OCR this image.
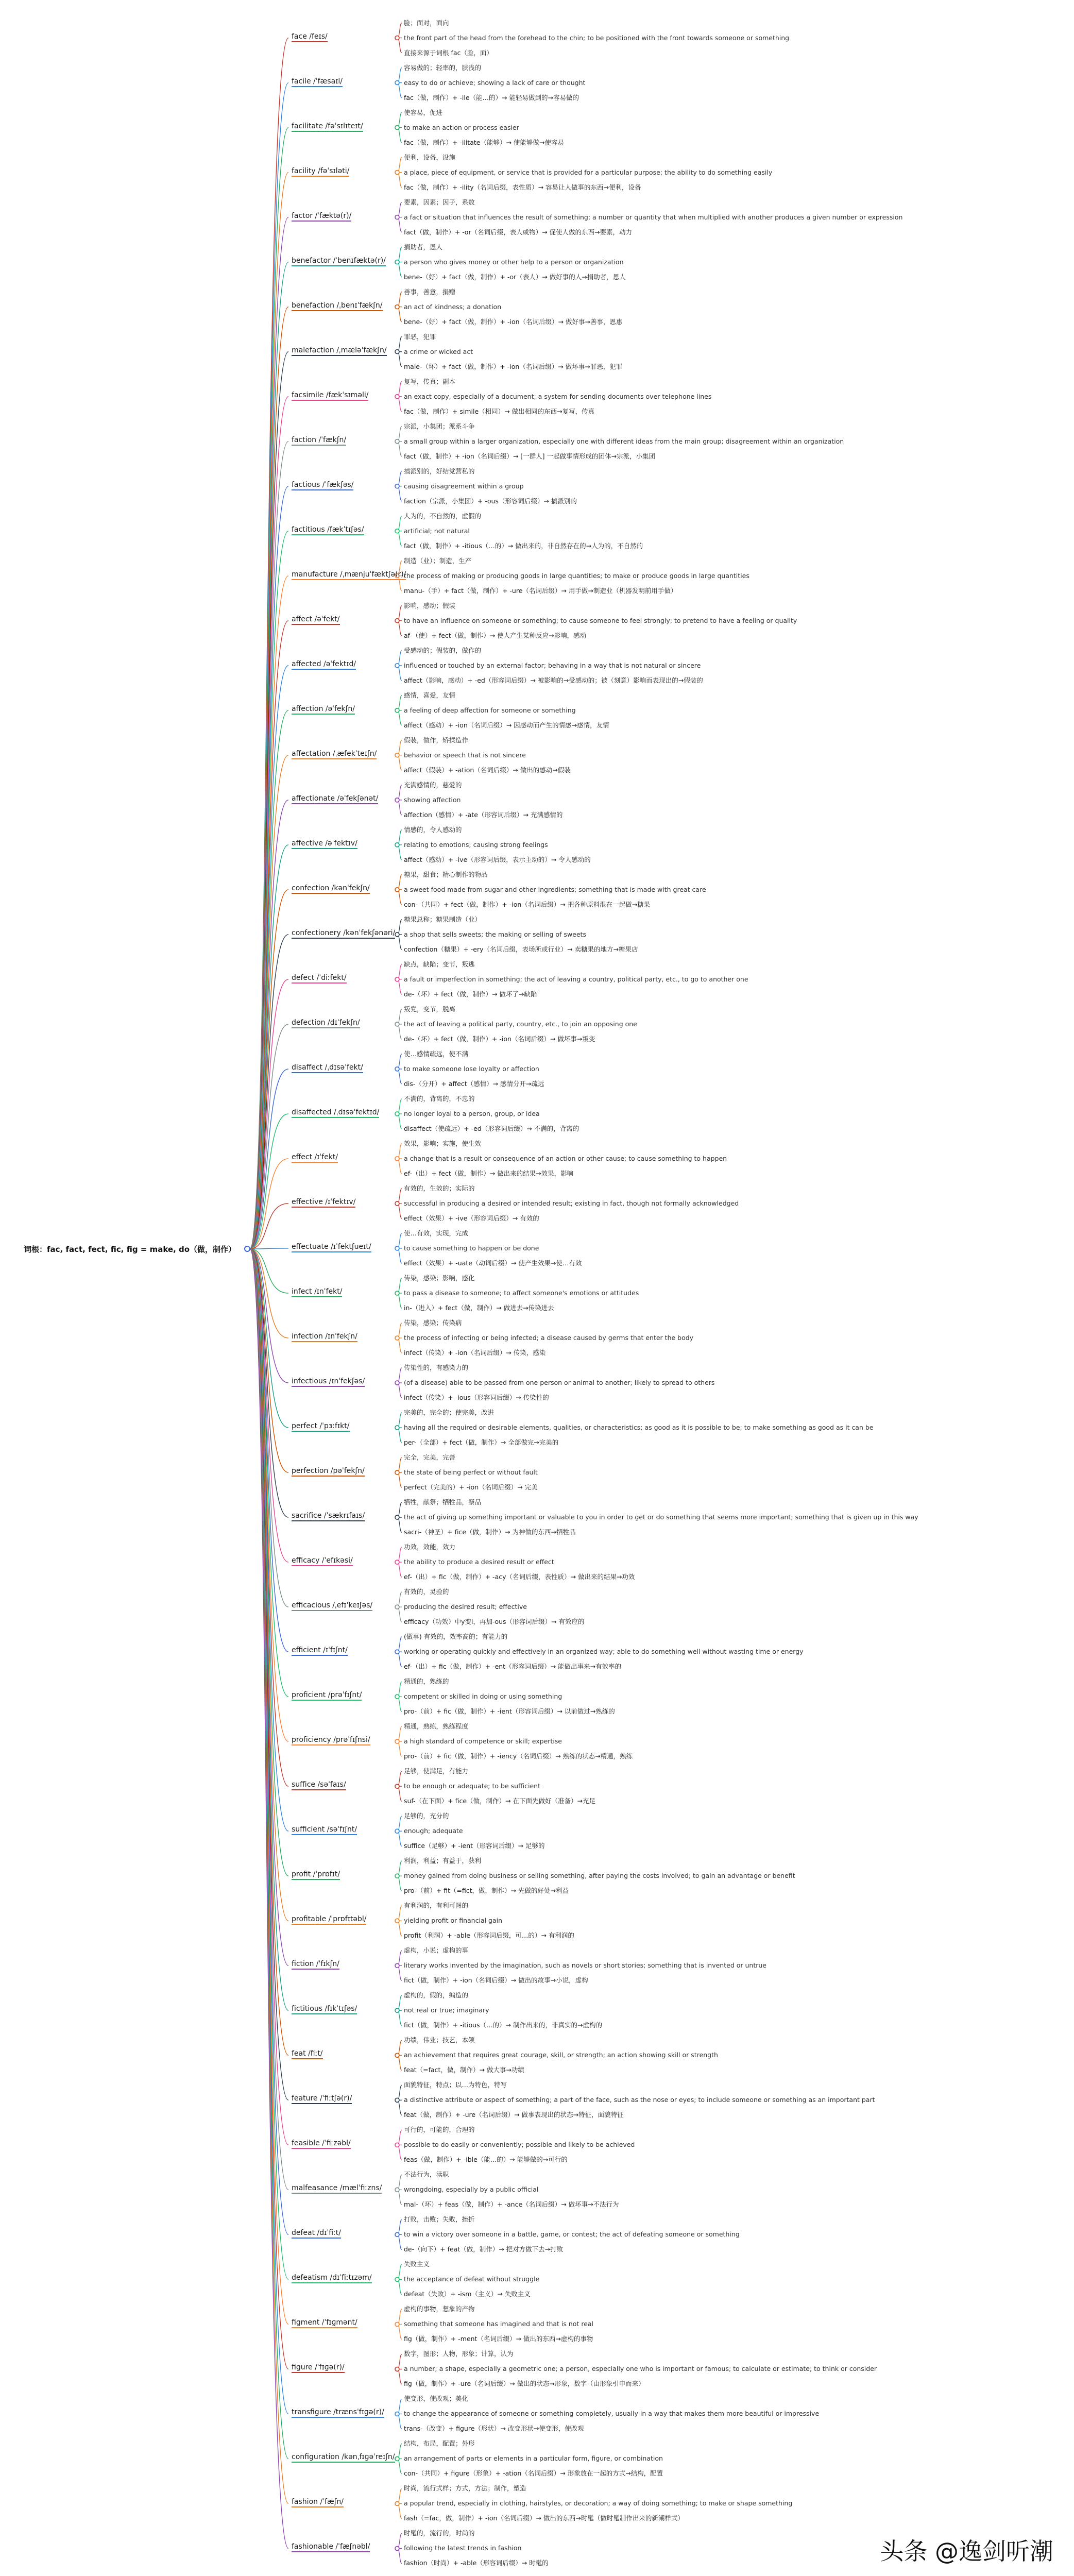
词根：fac, fact, fect, fic, fig = make, do（做，制作）
face /feɪs/
脸；面对，面向
the front part of the head from the forehead to the chin; to be positioned with the front towards someone or something
直接来源于词根 fac（脸，面）
facile /ˈfæsaɪl/
容易做的；轻率的，肤浅的
easy to do or achieve; showing a lack of care or thought
fac（做，制作）+ -ile（能…的）→ 能轻易做到的→容易做的
facilitate /fəˈsɪlɪteɪt/
使容易，促进
to make an action or process easier
fac（做，制作）+ -ilitate（能够）→ 使能够做→使容易
facility /fəˈsɪləti/
便利，设备，设施
a place, piece of equipment, or service that is provided for a particular purpose; the ability to do something easily
fac（做，制作）+ -ility（名词后缀，表性质）→ 容易让人做事的东西→便利，设备
factor /ˈfæktə(r)/
要素，因素；因子，系数
a fact or situation that influences the result of something; a number or quantity that when multiplied with another produces a given number or expression
fact（做，制作）+ -or（名词后缀，表人或物）→ 促使人做的东西→要素，动力
benefactor /ˈbenɪfæktə(r)/
捐助者，恩人
a person who gives money or other help to a person or organization
bene-（好）+ fact（做，制作）+ -or（表人）→ 做好事的人→捐助者，恩人
benefaction /ˌbenɪˈfækʃn/
善事，善意，捐赠
an act of kindness; a donation
bene-（好）+ fact（做，制作）+ -ion（名词后缀）→ 做好事→善事，恩惠
malefaction /ˌmæləˈfækʃn/
罪恶，犯罪
a crime or wicked act
male-（坏）+ fact（做，制作）+ -ion（名词后缀）→ 做坏事→罪恶，犯罪
facsimile /fækˈsɪməli/
复写，传真；副本
an exact copy, especially of a document; a system for sending documents over telephone lines
fac（做，制作）+ simile（相同）→ 做出相同的东西→复写，传真
faction /ˈfækʃn/
宗派，小集团；派系斗争
a small group within a larger organization, especially one with different ideas from the main group; disagreement within an organization
fact（做，制作）+ -ion（名词后缀）→ [一群人] 一起做事情形成的团体→宗派，小集团
factious /ˈfækʃəs/
搞派别的，好结党营私的
causing disagreement within a group
faction（宗派，小集团）+ -ous（形容词后缀）→ 搞派别的
factitious /fækˈtɪʃəs/
人为的，不自然的，虚假的
artificial; not natural
fact（做，制作）+ -itious（…的）→ 做出来的，非自然存在的→人为的，不自然的
manufacture /ˌmænjuˈfæktʃə(r)/
制造（业）；制造，生产
the process of making or producing goods in large quantities; to make or produce goods in large quantities
manu-（手）+ fact（做，制作）+ -ure（名词后缀）→ 用手做→制造业（机器发明前用手做）
affect /əˈfekt/
影响，感动；假装
to have an influence on someone or something; to cause someone to feel strongly; to pretend to have a feeling or quality
af-（使）+ fect（做，制作）→ 使人产生某种反应→影响，感动
affected /əˈfektɪd/
受感动的；假装的，做作的
influenced or touched by an external factor; behaving in a way that is not natural or sincere
affect（影响，感动）+ -ed（形容词后缀）→ 被影响的→受感动的；被（刻意）影响而表现出的→假装的
affection /əˈfekʃn/
感情，喜爱，友情
a feeling of deep affection for someone or something
affect（感动）+ -ion（名词后缀）→ 因感动而产生的情感→感情，友情
affectation /ˌæfekˈteɪʃn/
假装，做作，矫揉造作
behavior or speech that is not sincere
affect（假装）+ -ation（名词后缀）→ 做出的感动→假装
affectionate /əˈfekʃənət/
充满感情的，慈爱的
showing affection
affection（感情）+ -ate（形容词后缀）→ 充满感情的
affective /əˈfektɪv/
情感的，令人感动的
relating to emotions; causing strong feelings
affect（感动）+ -ive（形容词后缀，表示主动的）→ 令人感动的
confection /kənˈfekʃn/
糖果，甜食；精心制作的物品
a sweet food made from sugar and other ingredients; something that is made with great care
con-（共同）+ fect（做，制作）+ -ion（名词后缀）→ 把各种原料混在一起做→糖果
confectionery /kənˈfekʃənəri/
糖果总称；糖果制造（业）
a shop that sells sweets; the making or selling of sweets
confection（糖果）+ -ery（名词后缀，表场所或行业）→ 卖糖果的地方→糖果店
defect /ˈdiːfekt/
缺点，缺陷；变节，叛逃
a fault or imperfection in something; the act of leaving a country, political party, etc., to go to another one
de-（坏）+ fect（做，制作）→ 做坏了→缺陷
defection /dɪˈfekʃn/
叛党，变节，脱离
the act of leaving a political party, country, etc., to join an opposing one
de-（坏）+ fect（做，制作）+ -ion（名词后缀）→ 做坏事→叛变
disaffect /ˌdɪsəˈfekt/
使…感情疏远，使不满
to make someone lose loyalty or affection
dis-（分开）+ affect（感情）→ 感情分开→疏远
disaffected /ˌdɪsəˈfektɪd/
不满的，背离的，不忠的
no longer loyal to a person, group, or idea
disaffect（使疏远）+ -ed（形容词后缀）→ 不满的，背离的
effect /ɪˈfekt/
效果，影响；实施，使生效
a change that is a result or consequence of an action or other cause; to cause something to happen
ef-（出）+ fect（做，制作）→ 做出来的结果→效果，影响
effective /ɪˈfektɪv/
有效的，生效的；实际的
successful in producing a desired or intended result; existing in fact, though not formally acknowledged
effect（效果）+ -ive（形容词后缀）→ 有效的
effectuate /ɪˈfektʃueɪt/
使…有效，实现，完成
to cause something to happen or be done
effect（效果）+ -uate（动词后缀）→ 使产生效果→使…有效
infect /ɪnˈfekt/
传染，感染；影响，感化
to pass a disease to someone; to affect someone's emotions or attitudes
in-（进入）+ fect（做，制作）→ 做进去→传染进去
infection /ɪnˈfekʃn/
传染，感染；传染病
the process of infecting or being infected; a disease caused by germs that enter the body
infect（传染）+ -ion（名词后缀）→ 传染，感染
infectious /ɪnˈfekʃəs/
传染性的，有感染力的
(of a disease) able to be passed from one person or animal to another; likely to spread to others
infect（传染）+ -ious（形容词后缀）→ 传染性的
perfect /ˈpɜːfɪkt/
完美的，完全的；使完美，改进
having all the required or desirable elements, qualities, or characteristics; as good as it is possible to be; to make something as good as it can be
per-（全部）+ fect（做，制作）→ 全部做完→完美的
perfection /pəˈfekʃn/
完全，完美，完善
the state of being perfect or without fault
perfect（完美的）+ -ion（名词后缀）→ 完美
sacrifice /ˈsækrɪfaɪs/
牺牲，献祭；牺牲品，祭品
the act of giving up something important or valuable to you in order to get or do something that seems more important; something that is given up in this way
sacri-（神圣）+ fice（做，制作）→ 为神做的东西→牺牲品
efficacy /ˈefɪkəsi/
功效，效能，效力
the ability to produce a desired result or effect
ef-（出）+ fic（做，制作）+ -acy（名词后缀，表性质）→ 做出来的结果→功效
efficacious /ˌefɪˈkeɪʃəs/
有效的，灵验的
producing the desired result; effective
efficacy（功效）中y变i，再加-ous（形容词后缀）→ 有效应的
efficient /ɪˈfɪʃnt/
(做事) 有效的，效率高的；有能力的
working or operating quickly and effectively in an organized way; able to do something well without wasting time or energy
ef-（出）+ fic（做，制作）+ -ent（形容词后缀）→ 能做出事来→有效率的
proficient /prəˈfɪʃnt/
精通的，熟练的
competent or skilled in doing or using something
pro-（前）+ fic（做，制作）+ -ient（形容词后缀）→ 以前做过→熟练的
proficiency /prəˈfɪʃnsi/
精通，熟练，熟练程度
a high standard of competence or skill; expertise
pro-（前）+ fic（做，制作）+ -iency（名词后缀）→ 熟练的状态→精通，熟练
suffice /səˈfaɪs/
足够，使满足，有能力
to be enough or adequate; to be sufficient
suf-（在下面）+ fice（做，制作）→ 在下面先做好（准备）→充足
sufficient /səˈfɪʃnt/
足够的，充分的
enough; adequate
suffice（足够）+ -ient（形容词后缀）→ 足够的
profit /ˈprɒfɪt/
利润，利益；有益于，获利
money gained from doing business or selling something, after paying the costs involved; to gain an advantage or benefit
pro-（前）+ fit（=fict，做，制作）→ 先做的好处→利益
profitable /ˈprɒfɪtəbl/
有利润的，有利可图的
yielding profit or financial gain
profit（利润）+ -able（形容词后缀，可…的）→ 有利润的
fiction /ˈfɪkʃn/
虚构，小说；虚构的事
literary works invented by the imagination, such as novels or short stories; something that is invented or untrue
fict（做，制作）+ -ion（名词后缀）→ 做出的故事→小说，虚构
fictitious /fɪkˈtɪʃəs/
虚构的，假的，编造的
not real or true; imaginary
fict（做，制作）+ -itious（…的）→ 制作出来的，非真实的→虚构的
feat /fiːt/
功绩，伟业；技艺，本领
an achievement that requires great courage, skill, or strength; an action showing skill or strength
feat（=fact，做，制作）→ 做大事→功绩
feature /ˈfiːtʃə(r)/
面貌特征，特点；以…为特色，特写
a distinctive attribute or aspect of something; a part of the face, such as the nose or eyes; to include someone or something as an important part
feat（做，制作）+ -ure（名词后缀）→ 做事表现出的状态→特征，面貌特征
feasible /ˈfiːzəbl/
可行的，可能的，合理的
possible to do easily or conveniently; possible and likely to be achieved
feas（做，制作）+ -ible（能…的）→ 能够做的→可行的
malfeasance /mælˈfiːzns/
不法行为，渎职
wrongdoing, especially by a public official
mal-（坏）+ feas（做，制作）+ -ance（名词后缀）→ 做坏事→不法行为
defeat /dɪˈfiːt/
打败，击败；失败，挫折
to win a victory over someone in a battle, game, or contest; the act of defeating someone or something
de-（向下）+ feat（做，制作）→ 把对方做下去→打败
defeatism /dɪˈfiːtɪzəm/
失败主义
the acceptance of defeat without struggle
defeat（失败）+ -ism（主义）→ 失败主义
figment /ˈfɪɡmənt/
虚构的事物，想象的产物
something that someone has imagined and that is not real
fig（做，制作）+ -ment（名词后缀）→ 做出的东西→虚构的事物
figure /ˈfɪɡə(r)/
数字，图形；人物，形象；计算，认为
a number; a shape, especially a geometric one; a person, especially one who is important or famous; to calculate or estimate; to think or consider
fig（做，制作）+ -ure（名词后缀）→ 做出的状态→形象，数字（由形象引申而来）
transfigure /trænsˈfɪɡə(r)/
使变形，使改观；美化
to change the appearance of someone or something completely, usually in a way that makes them more beautiful or impressive
trans-（改变）+ figure（形状）→ 改变形状→使变形，使改观
configuration /kənˌfɪɡəˈreɪʃn/
结构，布局，配置；外形
an arrangement of parts or elements in a particular form, figure, or combination
con-（共同）+ figure（形象）+ -ation（名词后缀）→ 形象放在一起的方式→结构，配置
fashion /ˈfæʃn/
时尚，流行式样；方式，方法；制作，塑造
a popular trend, especially in clothing, hairstyles, or decoration; a way of doing something; to make or shape something
fash（=fac，做，制作）+ -ion（名词后缀）→ 做出的东西→时髦（做时髦制作出来的新潮样式）
fashionable /ˈfæʃnəbl/
时髦的，流行的，时尚的
following the latest trends in fashion
fashion（时尚）+ -able（形容词后缀）→ 时髦的	头条 @逸剑听潮
